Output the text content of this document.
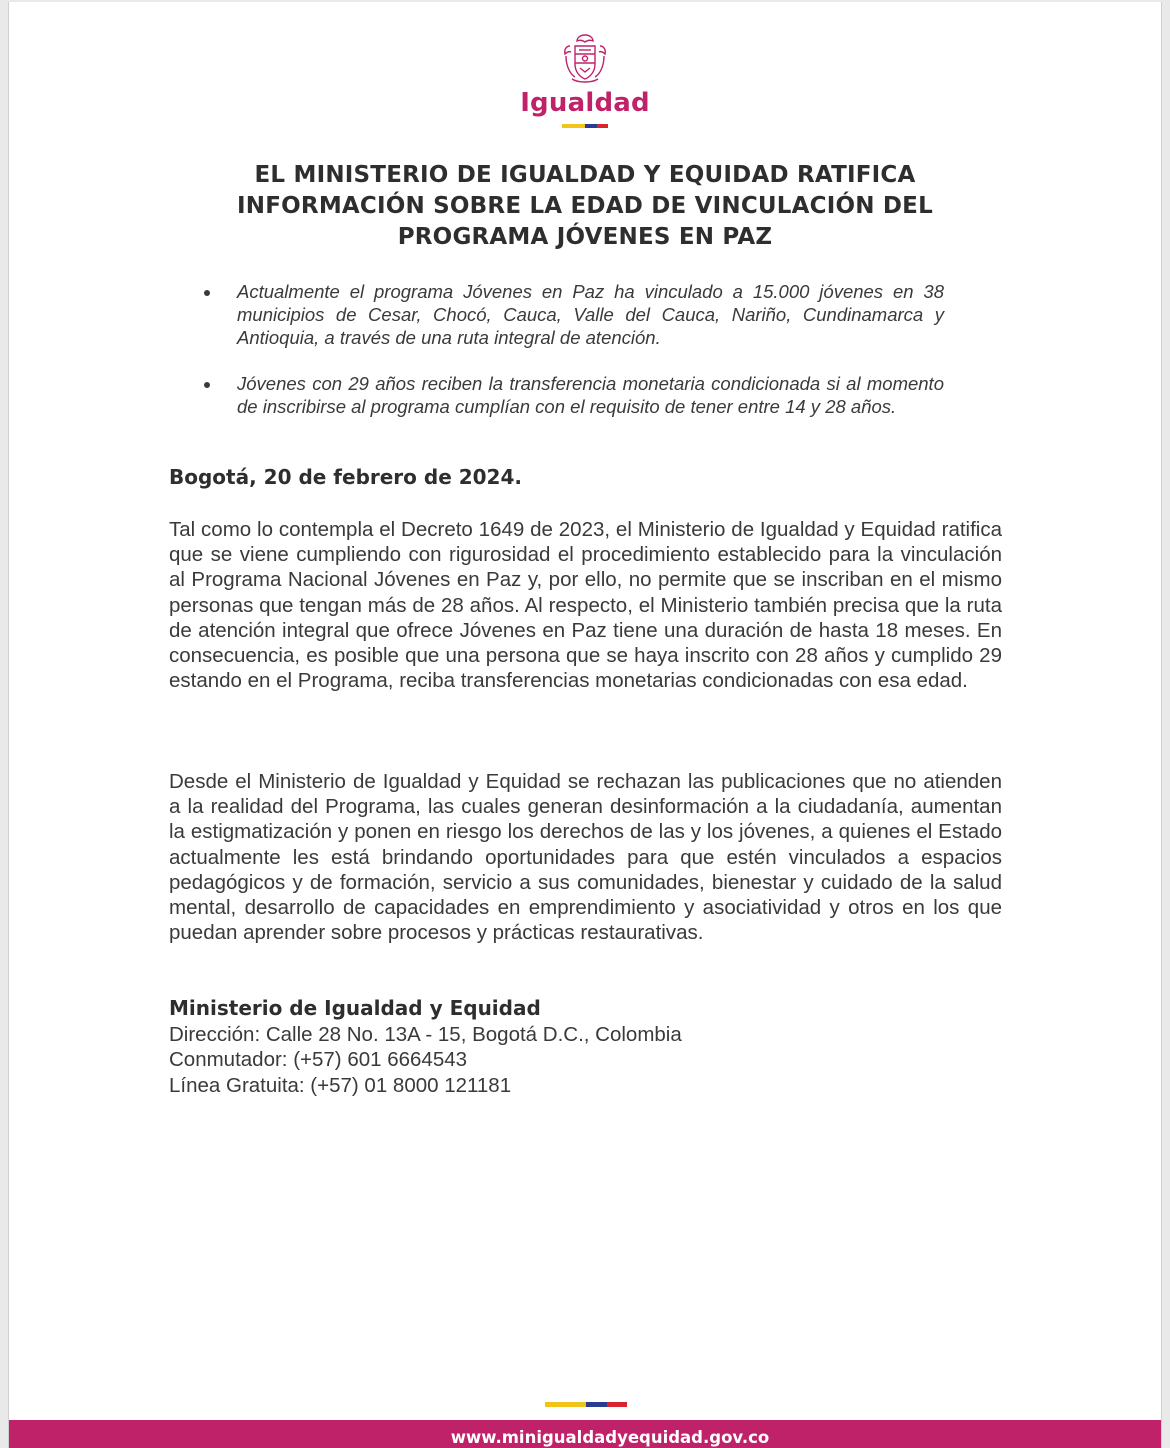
Igualdad
EL MINISTERIO DE IGUALDAD Y EQUIDAD RATIFICA
INFORMACIÓN SOBRE LA EDAD DE VINCULACIÓN DEL
PROGRAMA JÓVENES EN PAZ
Actualmente el programa Jóvenes en Paz ha vinculado a 15.000 jóvenes en 38 municipios de Cesar, Chocó, Cauca, Valle del Cauca, Nariño, Cundinamarca y Antioquia, a través de una ruta integral de atención.
Jóvenes con 29 años reciben la transferencia monetaria condicionada si al momento de inscribirse al programa cumplían con el requisito de tener entre 14 y 28 años.
Bogotá, 20 de febrero de 2024.

Tal como lo contempla el Decreto 1649 de 2023, el Ministerio de Igualdad y Equidad ratifica que se viene cumpliendo con rigurosidad el procedimiento establecido para la vinculación al Programa Nacional Jóvenes en Paz y, por ello, no permite que se inscriban en el mismo personas que tengan más de 28 años. Al respecto, el Ministerio también precisa que la ruta de atención integral que ofrece Jóvenes en Paz tiene una duración de hasta 18 meses. En consecuencia, es posible que una persona que se haya inscrito con 28 años y cumplido 29 estando en el Programa, reciba transferencias monetarias condicionadas con esa edad.

Desde el Ministerio de Igualdad y Equidad se rechazan las publicaciones que no atienden a la realidad del Programa, las cuales generan desinformación a la ciudadanía, aumentan la estigmatización y ponen en riesgo los derechos de las y los jóvenes, a quienes el Estado actualmente les está brindando oportunidades para que estén vinculados a espacios pedagógicos y de formación, servicio a sus comunidades, bienestar y cuidado de la salud mental, desarrollo de capacidades en emprendimiento y asociatividad y otros en los que puedan aprender sobre procesos y prácticas restaurativas.

Ministerio de Igualdad y Equidad
Dirección: Calle 28 No. 13A - 15, Bogotá D.C., Colombia
Conmutador: (+57) 601 6664543
Línea Gratuita: (+57) 01 8000 121181
www.minigualdadyequidad.gov.co
